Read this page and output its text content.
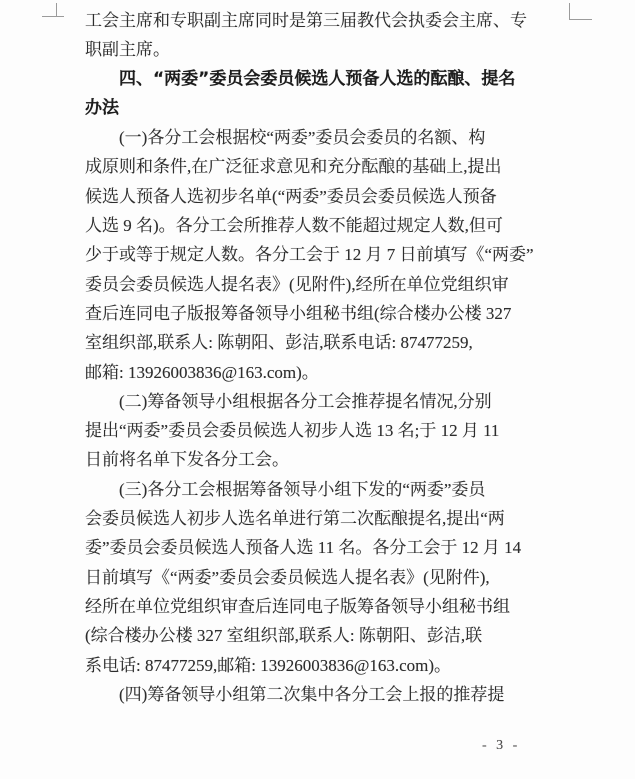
工会主席和专职副主席同时是第三届教代会执委会主席、专
职副主席。
四、“两委”委员会委员候选人预备人选的酝酿、提名
办法
(一)各分工会根据校“两委”委员会委员的名额、构
成原则和条件,在广泛征求意见和充分酝酿的基础上,提出
候选人预备人选初步名单(“两委”委员会委员候选人预备
人选 9 名)。各分工会所推荐人数不能超过规定人数,但可
少于或等于规定人数。各分工会于 12 月 7 日前填写《“两委”
委员会委员候选人提名表》(见附件),经所在单位党组织审
查后连同电子版报筹备领导小组秘书组(综合楼办公楼 327
室组织部,联系人: 陈朝阳、彭洁,联系电话: 87477259,
邮箱: 13926003836@163.com)。
(二)筹备领导小组根据各分工会推荐提名情况,分别
提出“两委”委员会委员候选人初步人选 13 名;于 12 月 11
日前将名单下发各分工会。
(三)各分工会根据筹备领导小组下发的“两委”委员
会委员候选人初步人选名单进行第二次酝酿提名,提出“两
委”委员会委员候选人预备人选 11 名。各分工会于 12 月 14
日前填写《“两委”委员会委员候选人提名表》(见附件),
经所在单位党组织审查后连同电子版筹备领导小组秘书组
(综合楼办公楼 327 室组织部,联系人: 陈朝阳、彭洁,联
系电话: 87477259,邮箱: 13926003836@163.com)。
(四)筹备领导小组第二次集中各分工会上报的推荐提
- 3 -
